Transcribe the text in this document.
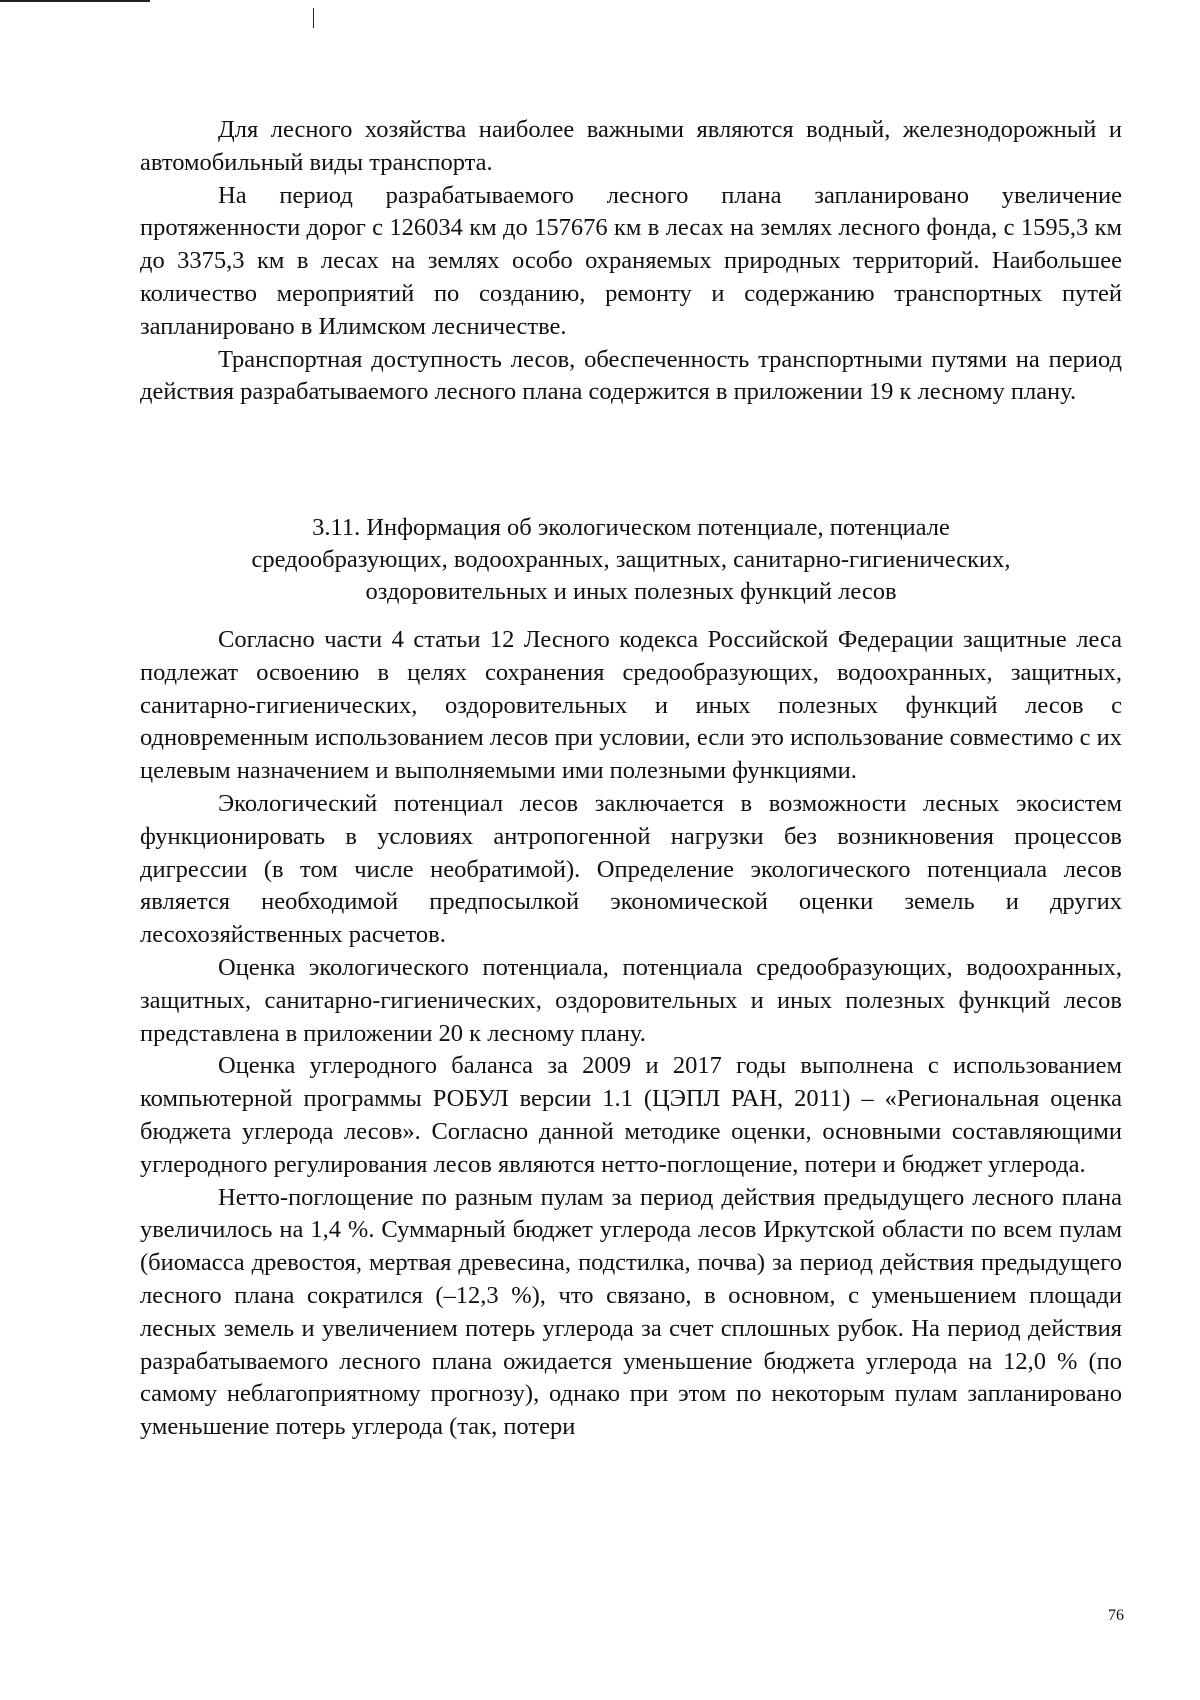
Для лесного хозяйства наиболее важными являются водный, железнодорожный и автомобильный виды транспорта.

На период разрабатываемого лесного плана запланировано увеличение протяженности дорог с 126034 км до 157676 км в лесах на землях лесного фонда, с 1595,3 км до 3375,3 км в лесах на землях особо охраняемых природных территорий. Наибольшее количество мероприятий по созданию, ремонту и содержанию транспортных путей запланировано в Илимском лесничестве.

Транспортная доступность лесов, обеспеченность транспортными путями на период действия разрабатываемого лесного плана содержится в приложении 19 к лесному плану.

3.11. Информация об экологическом потенциале, потенциале
средообразующих, водоохранных, защитных, санитарно-гигиенических,
оздоровительных и иных полезных функций лесов

Согласно части 4 статьи 12 Лесного кодекса Российской Федерации защитные леса подлежат освоению в целях сохранения средообразующих, водоохранных, защитных, санитарно-гигиенических, оздоровительных и иных полезных функций лесов с одновременным использованием лесов при условии, если это использование совместимо с их целевым назначением и выполняемыми ими полезными функциями.

Экологический потенциал лесов заключается в возможности лесных экосистем функционировать в условиях антропогенной нагрузки без возникновения процессов дигрессии (в том числе необратимой). Определение экологического потенциала лесов является необходимой предпосылкой экономической оценки земель и других лесохозяйственных расчетов.

Оценка экологического потенциала, потенциала средообразующих, водоохранных, защитных, санитарно-гигиенических, оздоровительных и иных полезных функций лесов представлена в приложении 20 к лесному плану.

Оценка углеродного баланса за 2009 и 2017 годы выполнена с использованием компьютерной программы РОБУЛ версии 1.1 (ЦЭПЛ РАН, 2011) – «Региональная оценка бюджета углерода лесов». Согласно данной методике оценки, основными составляющими углеродного регулирования лесов являются нетто-поглощение, потери и бюджет углерода.

Нетто-поглощение по разным пулам за период действия предыдущего лесного плана увеличилось на 1,4 %. Суммарный бюджет углерода лесов Иркутской области по всем пулам (биомасса древостоя, мертвая древесина, подстилка, почва) за период действия предыдущего лесного плана сократился (–12,3 %), что связано, в основном, с уменьшением площади лесных земель и увеличением потерь углерода за счет сплошных рубок. На период действия разрабатываемого лесного плана ожидается уменьшение бюджета углерода на 12,0 % (по самому неблагоприятному прогнозу), однако при этом по некоторым пулам запланировано уменьшение потерь углерода (так, потери

76
